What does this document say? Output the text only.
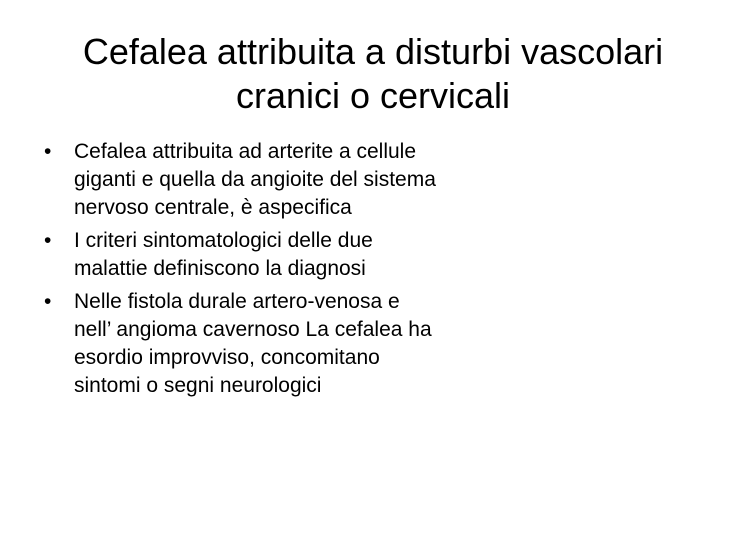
Cefalea attribuita a disturbi vascolari
cranici o cervicali
•	Cefalea attribuita ad arterite a cellule
giganti e quella da angioite del sistema
nervoso centrale, è aspecifica
•	I criteri sintomatologici delle due
malattie definiscono la diagnosi
•	Nelle fistola durale artero-venosa e
nell’ angioma cavernoso La cefalea ha
esordio improvviso, concomitano
sintomi o segni neurologici
